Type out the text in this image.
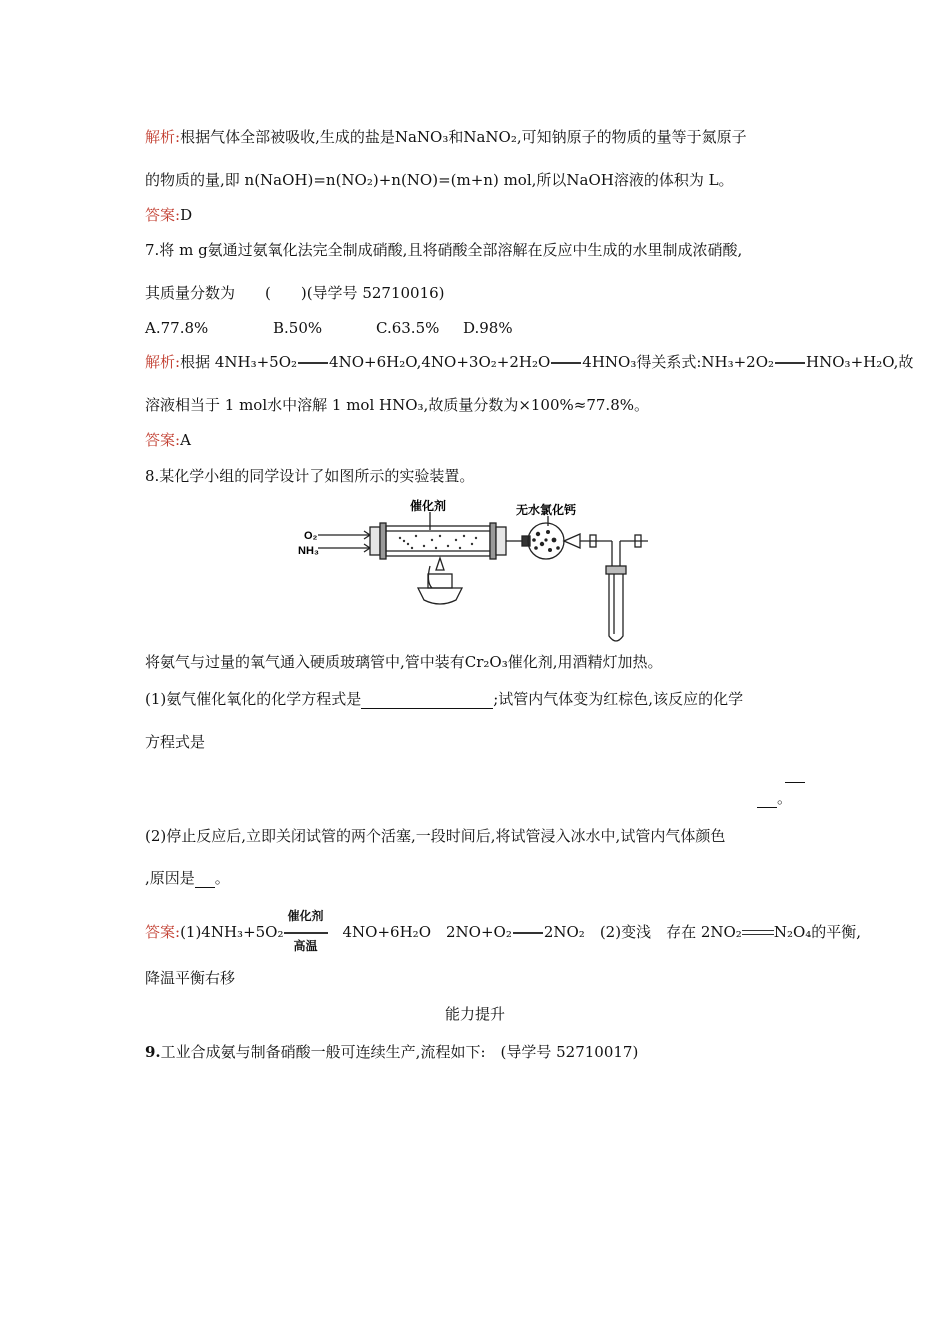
解析:根据气体全部被吸收,生成的盐是NaNO₃和NaNO₂,可知钠原子的物质的量等于氮原子
的物质的量,即 n(NaOH)=n(NO₂)+n(NO)=(m+n) mol,所以NaOH溶液的体积为 L。
答案:D
7.将 m g氨通过氨氧化法完全制成硝酸,且将硝酸全部溶解在反应中生成的水里制成浓硝酸,
其质量分数为　　(　　)(导学号 52710016)
A.77.8%	B.50%	C.63.5% D.98%
解析:根据 4NH₃+5O₂ 4NO+6H₂O,4NO+3O₂+2H₂O 4HNO₃得关系式:NH₃+2O₂ HNO₃+H₂O,故
溶液相当于 1 mol水中溶解 1 mol HNO₃,故质量分数为×100%≈77.8%。
答案:A
8.某化学小组的同学设计了如图所示的实验装置。
O₂
NH₃
催化剂	无水氯化钙
将氨气与过量的氧气通入硬质玻璃管中,管中装有Cr₂O₃催化剂,用酒精灯加热。
(1)氨气催化氧化的化学方程式是	;试管内气体变为红棕色,该反应的化学
方程式是
。
(2)停止反应后,立即关闭试管的两个活塞,一段时间后,将试管浸入冰水中,试管内气体颜色
,原因是 。
答案:(1)4NH₃+5O₂
催化剂
高温
　4NO+6H₂O　2NO+O₂ 2NO₂　(2)变浅　存在 2NO₂ N₂O₄的平衡,
降温平衡右移
能力提升
9.工业合成氨与制备硝酸一般可连续生产,流程如下:　(导学号 52710017)
